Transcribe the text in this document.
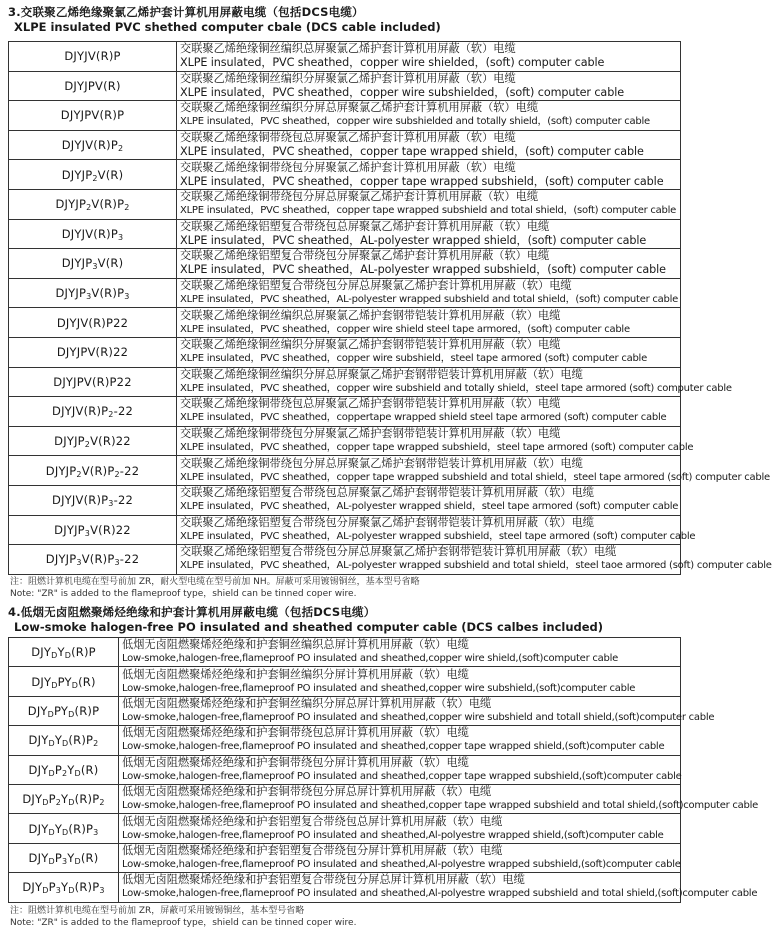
3.交联聚乙烯绝缘聚氯乙烯护套计算机用屏蔽电缆（包括DCS电缆）
XLPE insulated PVC shethed computer cbale (DCS cable included)
DJYJV(R)P	交联聚乙烯绝缘铜丝编织总屏聚氯乙烯护套计算机用屏蔽（软）电缆
XLPE insulated，PVC sheathed，copper wire shielded，(soft) computer cable

DJYJPV(R)	交联聚乙烯绝缘铜丝编织分屏聚氯乙烯护套计算机用屏蔽（软）电缆
XLPE insulated，PVC sheathed，copper wire subshielded，(soft) computer cable

DJYJPV(R)P	交联聚乙烯绝缘铜丝编织分屏总屏聚氯乙烯护套计算机用屏蔽（软）电缆
XLPE insulated，PVC sheathed，copper wire subshielded and totally shield，(soft) computer cable

$DJYJV(R)P_2$	交联聚乙烯绝缘铜带绕包总屏聚氯乙烯护套计算机用屏蔽（软）电缆
XLPE insulated，PVC sheathed，copper tape wrapped shield，(soft) computer cable

$DJYJP_2V(R)$	交联聚乙烯绝缘铜带绕包分屏聚氯乙烯护套计算机用屏蔽（软）电缆
XLPE insulated，PVC sheathed，copper tape wrapped subshield，(soft) computer cable

$DJYJP_2V(R)P_2$	交联聚乙烯绝缘铜带绕包分屏总屏聚氯乙烯护套计算机用屏蔽（软）电缆
XLPE insulated，PVC sheathed，copper tape wrapped subshield and total shield，(soft) computer cable

$DJYJV(R)P_3$	交联聚乙烯绝缘铝塑复合带绕包总屏聚氯乙烯护套计算机用屏蔽（软）电缆
XLPE insulated，PVC sheathed，AL-polyester wrapped shield，(soft) computer cable

$DJYJP_3V(R)$	交联聚乙烯绝缘铝塑复合带绕包分屏聚氯乙烯护套计算机用屏蔽（软）电缆
XLPE insulated，PVC sheathed，AL-polyester wrapped subshield，(soft) computer cable

$DJYJP_3V(R)P_3$	交联聚乙烯绝缘铝塑复合带绕包分屏总屏聚氯乙烯护套计算机用屏蔽（软）电缆
XLPE insulated，PVC sheathed，AL-polyester wrapped subshield and total shield，(soft) computer cable

DJYJV(R)P22	交联聚乙烯绝缘铜丝编织总屏聚氯乙烯护套钢带铠装计算机用屏蔽（软）电缆
XLPE insulated，PVC sheathed，copper wire shield steel tape armored，(soft) computer cable

DJYJPV(R)22	交联聚乙烯绝缘铜丝编织分屏聚氯乙烯护套钢带铠装计算机用屏蔽（软）电缆
XLPE insulated，PVC sheathed，copper wire subshield，steel tape armored (soft) computer cable

DJYJPV(R)P22	交联聚乙烯绝缘铜丝编织分屏总屏聚氯乙烯护套钢带铠装计算机用屏蔽（软）电缆
XLPE insulated，PVC sheathed，copper wire subshield and totally shield，steel tape armored (soft) computer cable

$DJYJV(R)P_2-22$	交联聚乙烯绝缘铜带绕包总屏聚氯乙烯护套钢带铠装计算机用屏蔽（软）电缆
XLPE insulated，PVC sheathed，coppertape wrapped shield steel tape armored (soft) computer cable

$DJYJP_2V(R)22$	交联聚乙烯绝缘铜带绕包分屏聚氯乙烯护套钢带铠装计算机用屏蔽（软）电缆
XLPE insulated，PVC sheathed，copper tape wrapped subshield，steel tape armored (soft) computer cable

$DJYJP_2V(R)P_2-22$	交联聚乙烯绝缘铜带绕包分屏总屏聚氯乙烯护套钢带铠装计算机用屏蔽（软）电缆
XLPE insulated，PVC sheathed，copper tape wrapped subshield and total shield，steel tape armored (soft) computer cable

$DJYJV(R)P_3-22$	交联聚乙烯绝缘铝塑复合带绕包总屏聚氯乙烯护套钢带铠装计算机用屏蔽（软）电缆
XLPE insulated，PVC sheathed，AL-polyester wrapped shield，steel tape armored (soft) computer cable

$DJYJP_3V(R)22$	交联聚乙烯绝缘铝塑复合带绕包分屏聚氯乙烯护套钢带铠装计算机用屏蔽（软）电缆
XLPE insulated，PVC sheathed，AL-polyester wrapped subshield，steel tape armored (soft) computer cable

$DJYJP_3V(R)P_3-22$	交联聚乙烯绝缘铝塑复合带绕包分屏总屏聚氯乙烯护套钢带铠装计算机用屏蔽（软）电缆
XLPE insulated，PVC sheathed，AL-polyester wrapped subshield and total shield，steel taoe armored (soft) computer cable
注：阻燃计算机电缆在型号前加 ZR，耐火型电缆在型号前加 NH。屏蔽可采用镀锡铜丝，基本型号省略
Note: "ZR" is added to the flameproof type，shield can be tinned coper wire.
4.低烟无卤阻燃聚烯烃绝缘和护套计算机用屏蔽电缆（包括DCS电缆）
Low-smoke halogen-free PO insulated and sheathed computer cable (DCS calbes included)
$DJY_DY_D(R)P$	低烟无卤阻燃聚烯烃绝缘和护套铜丝编织总屏计算机用屏蔽（软）电缆
Low-smoke,halogen-free,flameproof PO insulated and sheathed,copper wire shield,(soft)computer cable

$DJY_DPY_D(R)$	低烟无卤阻燃聚烯烃绝缘和护套铜丝编织分屏计算机用屏蔽（软）电缆
Low-smoke,halogen-free,flameproof PO insulated and sheathed,copper wire subshield,(soft)computer cable

$DJY_DPY_D(R)P$	低烟无卤阻燃聚烯烃绝缘和护套铜丝编织分屏总屏计算机用屏蔽（软）电缆
Low-smoke,halogen-free,flameproof PO insulated and sheathed,copper wire subshield and totall shield,(soft)computer cable

$DJY_DY_D(R)P_2$	低烟无卤阻燃聚烯烃绝缘和护套铜带绕包总屏计算机用屏蔽（软）电缆
Low-smoke,halogen-free,flameproof PO insulated and sheathed,copper tape wrapped shield,(soft)computer cable

$DJY_DP_2Y_D(R)$	低烟无卤阻燃聚烯烃绝缘和护套铜带绕包分屏计算机用屏蔽（软）电缆
Low-smoke,halogen-free,flameproof PO insulated and sheathed,copper tape wrapped subshield,(soft)computer cable

$DJY_DP_2Y_D(R)P_2$	低烟无卤阻燃聚烯烃绝缘和护套铜带绕包分屏总屏计算机用屏蔽（软）电缆
Low-smoke,halogen-free,flameproof PO insulated and sheathed,copper tape wrapped subshield and total shield,(soft)computer cable

$DJY_DY_D(R)P_3$	低烟无卤阻燃聚烯烃绝缘和护套铝塑复合带绕包总屏计算机用屏蔽（软）电缆
Low-smoke,halogen-free,flameproof PO insulated and sheathed,Al-polyestre wrapped shield,(soft)computer cable

$DJY_DP_3Y_D(R)$	低烟无卤阻燃聚烯烃绝缘和护套铝塑复合带绕包分屏计算机用屏蔽（软）电缆
Low-smoke,halogen-free,flameproof PO insulated and sheathed,Al-polyestre wrapped subshield,(soft)computer cable

$DJY_DP_3Y_D(R)P_3$	低烟无卤阻燃聚烯烃绝缘和护套铝塑复合带绕包分屏总屏计算机用屏蔽（软）电缆
Low-smoke,halogen-free,flameproof PO insulated and sheathed,Al-polyestre wrapped subshield and total shield,(soft)computer cable
注：阻燃计算机电缆在型号前加 ZR，屏蔽可采用镀锡铜丝，基本型号省略
Note: "ZR" is added to the flameproof type，shield can be tinned coper wire.
